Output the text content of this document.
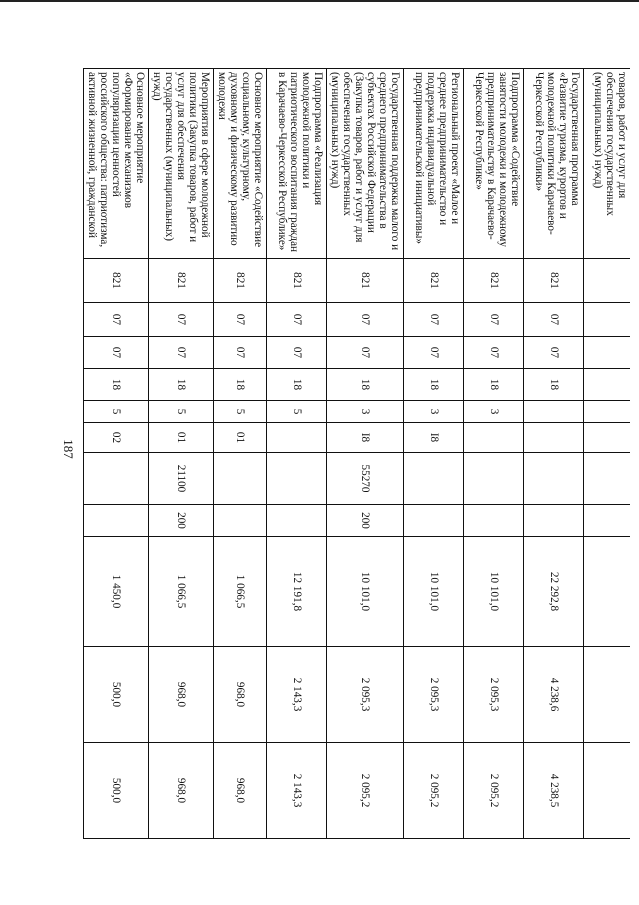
187
товаров, работ и услуг для обеспечения государственных (муниципальных) нужд)											
Государственная программа «Развитие туризма, курортов и молодежной политики Карачаево-Черкесской Республики»	821	07	07	18					22 292,8	4 238,6	4 238,5
Подпрограмма «Содействие занятости молодежи и молодежному предпринимательству в Карачаево-Черкесской Республике»	821	07	07	18	3				10 101,0	2 095,3	2 095,2
Региональный проект «Малое и среднее предпринимательство и поддержка индивидуальной предпринимательской инициативы»	821	07	07	18	3	I8			10 101,0	2 095,3	2 095,2
Государственная поддержка малого и среднего предпринимательства в субъектах Российской Федерации (Закупка товаров, работ и услуг для обеспечения государственных (муниципальных) нужд)	821	07	07	18	3	I8	55270	200	10 101,0	2 095,3	2 095,2
Подпрограмма «Реализация молодежной политики и патриотического воспитания граждан в Карачаево-Черкесской Республике»	821	07	07	18	5				12 191,8	2 143,3	2 143,3
Основное мероприятие «Содействие социальному, культурному, духовному и физическому развитию молодежи	821	07	07	18	5	01			1 066,5	968,0	968,0
Мероприятия в сфере молодежной политики (Закупка товаров, работ и услуг для обеспечения государственных (муниципальных) нужд)	821	07	07	18	5	01	21100	200	1 066,5	968,0	968,0
Основное мероприятие «Формирование механизмов популяризации ценностей российского общества: патриотизма, активной жизненной, гражданской	821	07	07	18	5	02			1 450,0	500,0	500,0
